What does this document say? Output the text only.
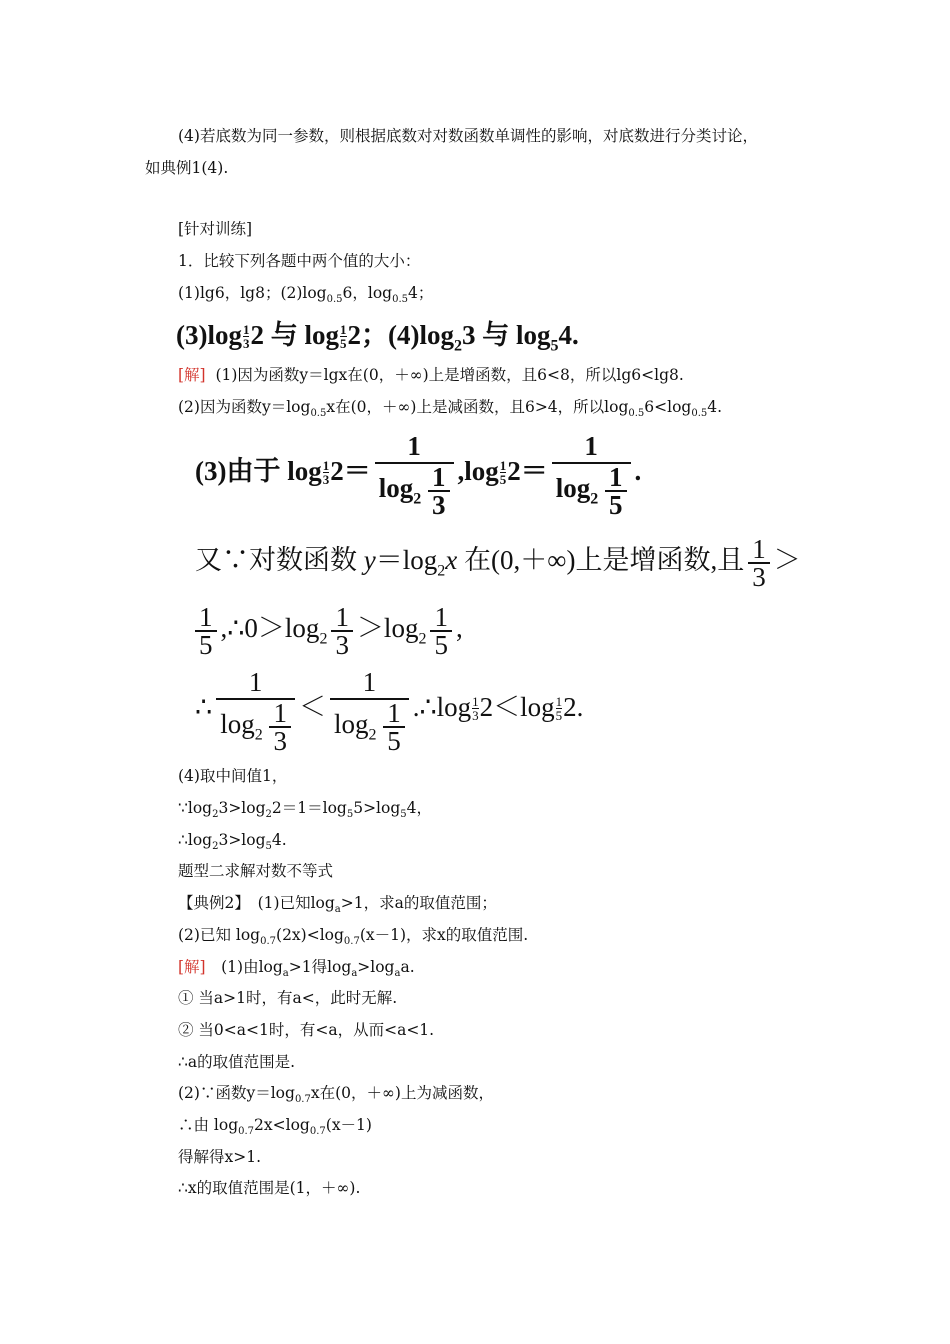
(4)若底数为同一参数，则根据底数对对数函数单调性的影响，对底数进行分类讨论，
如典例1(4).
[针对训练]
1．比较下列各题中两个值的大小：
(1)lg6，lg8；$(2)\log_{0.5}6$，$\log_{0.5}4$；
$(3)\log \frac{1}{3} 2$ 与 $\log \frac{1}{5} 2$；$(4)\log_23$ 与 $\log_54$.
[解] (1)因为函数y＝lgx在(0，＋∞)上是增函数，且6<8，所以lg6<lg8.
(2)因为函数$y=\log_{0.5}x$在(0，＋∞)上是减函数，且6>4，所以$\log_{0.5}6<\log_{0.5}4$.
(3)由于 $\log \frac{1}{3} 2= \frac{1}{\log_2 \frac{1}{3}} ,\log \frac{1}{5} 2= \frac{1}{\log_2 \frac{1}{5}}$ .
又∵对数函数 $y=\log_2x$ 在(0,＋∞)上是增函数,且 $\frac{1}{3}$ ＞
$\frac{1}{5}$ $,\therefore 0>\log_2 \frac{1}{3} >\log_2 \frac{1}{5}$ ,
∴ $\frac{1}{\log_2 \frac{1}{3}} < \frac{1}{\log_2 \frac{1}{5}}$ .∴log $\frac{1}{3} 2<\log \frac{1}{5} 2$.
(4)取中间值1，
$\because\log_23>\log_22=1=\log_55>\log_54$，
$\therefore\log_23>\log_54$.
题型二求解对数不等式
【典例2】　(1)已知$\log_a>1$，求a的取值范围；
(2)已知 $\log_{0.7}(2x)<\log_{0.7}(x-1)$，求x的取值范围.
[解]　(1)由$\log_a>1$得$\log_a>\log_aa$.
① 当a>1时，有a<，此时无解.
② 当0<a<1时，有<a，从而<a<1.
∴a的取值范围是.
(2)∵函数$y=\log_{0.7}x$在(0，＋∞)上为减函数，
∴由 $\log_{0.7}2x<\log_{0.7}(x-1)$
得解得x>1.
∴x的取值范围是(1，＋∞).
